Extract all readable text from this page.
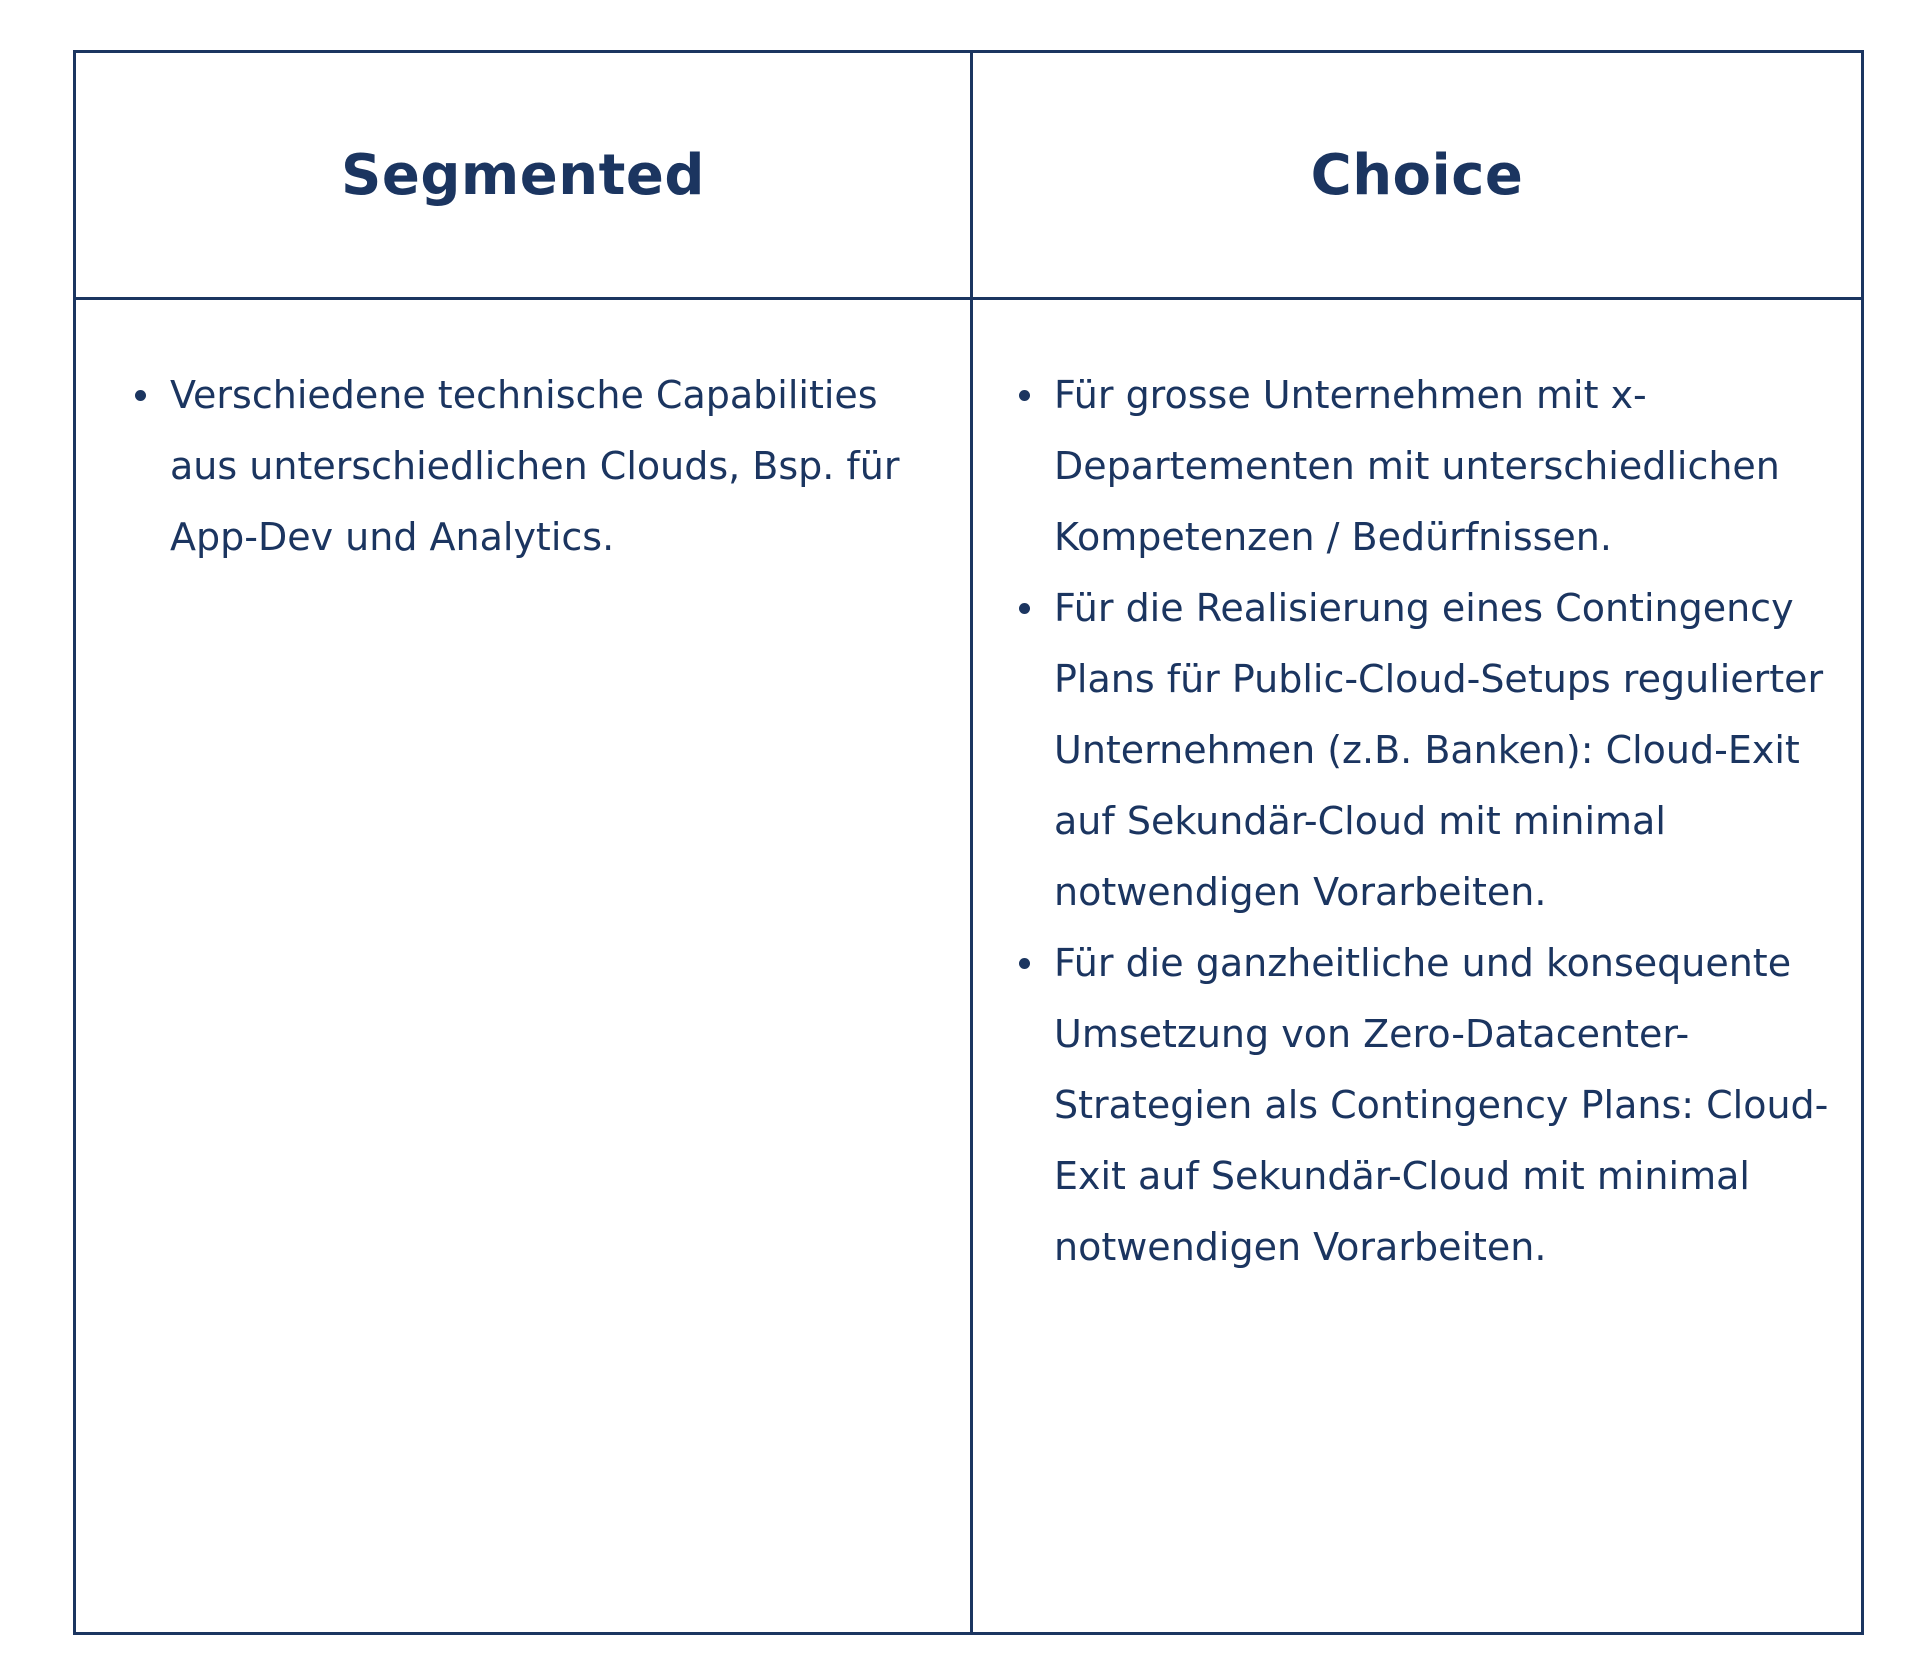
Segmented	Choice
Verschiedene technische Capabilities aus unterschiedlichen Clouds, Bsp. für App-Dev und Analytics.
Für grosse Unternehmen mit x-Departementen mit unterschiedlichen Kompetenzen / Bedürfnissen.
Für die Realisierung eines Contingency Plans für Public-Cloud-Setups regulierter Unternehmen (z.B. Banken): Cloud-Exit auf Sekundär-Cloud mit minimal notwendigen Vorarbeiten.
Für die ganzheitliche und konsequente Umsetzung von Zero-Datacenter-Strategien als Contingency Plans: Cloud-Exit auf Sekundär-Cloud mit minimal notwendigen Vorarbeiten.
